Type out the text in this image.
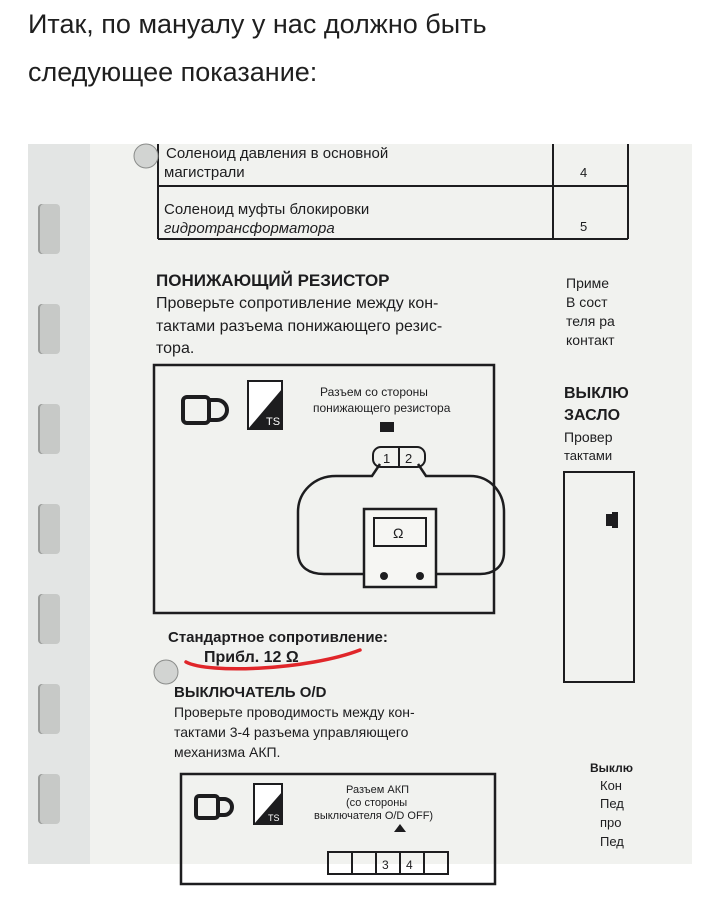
Итак, по мануалу у нас должно быть
следующее показание:
Соленоид давления в основной
магистрали	4
Соленоид муфты блокировки
гидротрансформатора	5
ПОНИЖАЮЩИЙ РЕЗИСТОР
Проверьте сопротивление между кон-
тактами разъема понижающего резис-
тора.
TS
Разъем со стороны
понижающего резистора
1 2
Ω
Стандартное сопротивление:
Прибл. 12 Ω
ВЫКЛЮЧАТЕЛЬ O/D
Проверьте проводимость между кон-
тактами 3-4 разъема управляющего
механизма АКП.
TS
Разъем АКП
(со стороны
выключателя O/D OFF)
3 4
Приме
В сост
теля ра
контакт
ВЫКЛЮ
ЗАСЛО
Провер
тактами
Выклю
Кон
Пед
про
Пед
